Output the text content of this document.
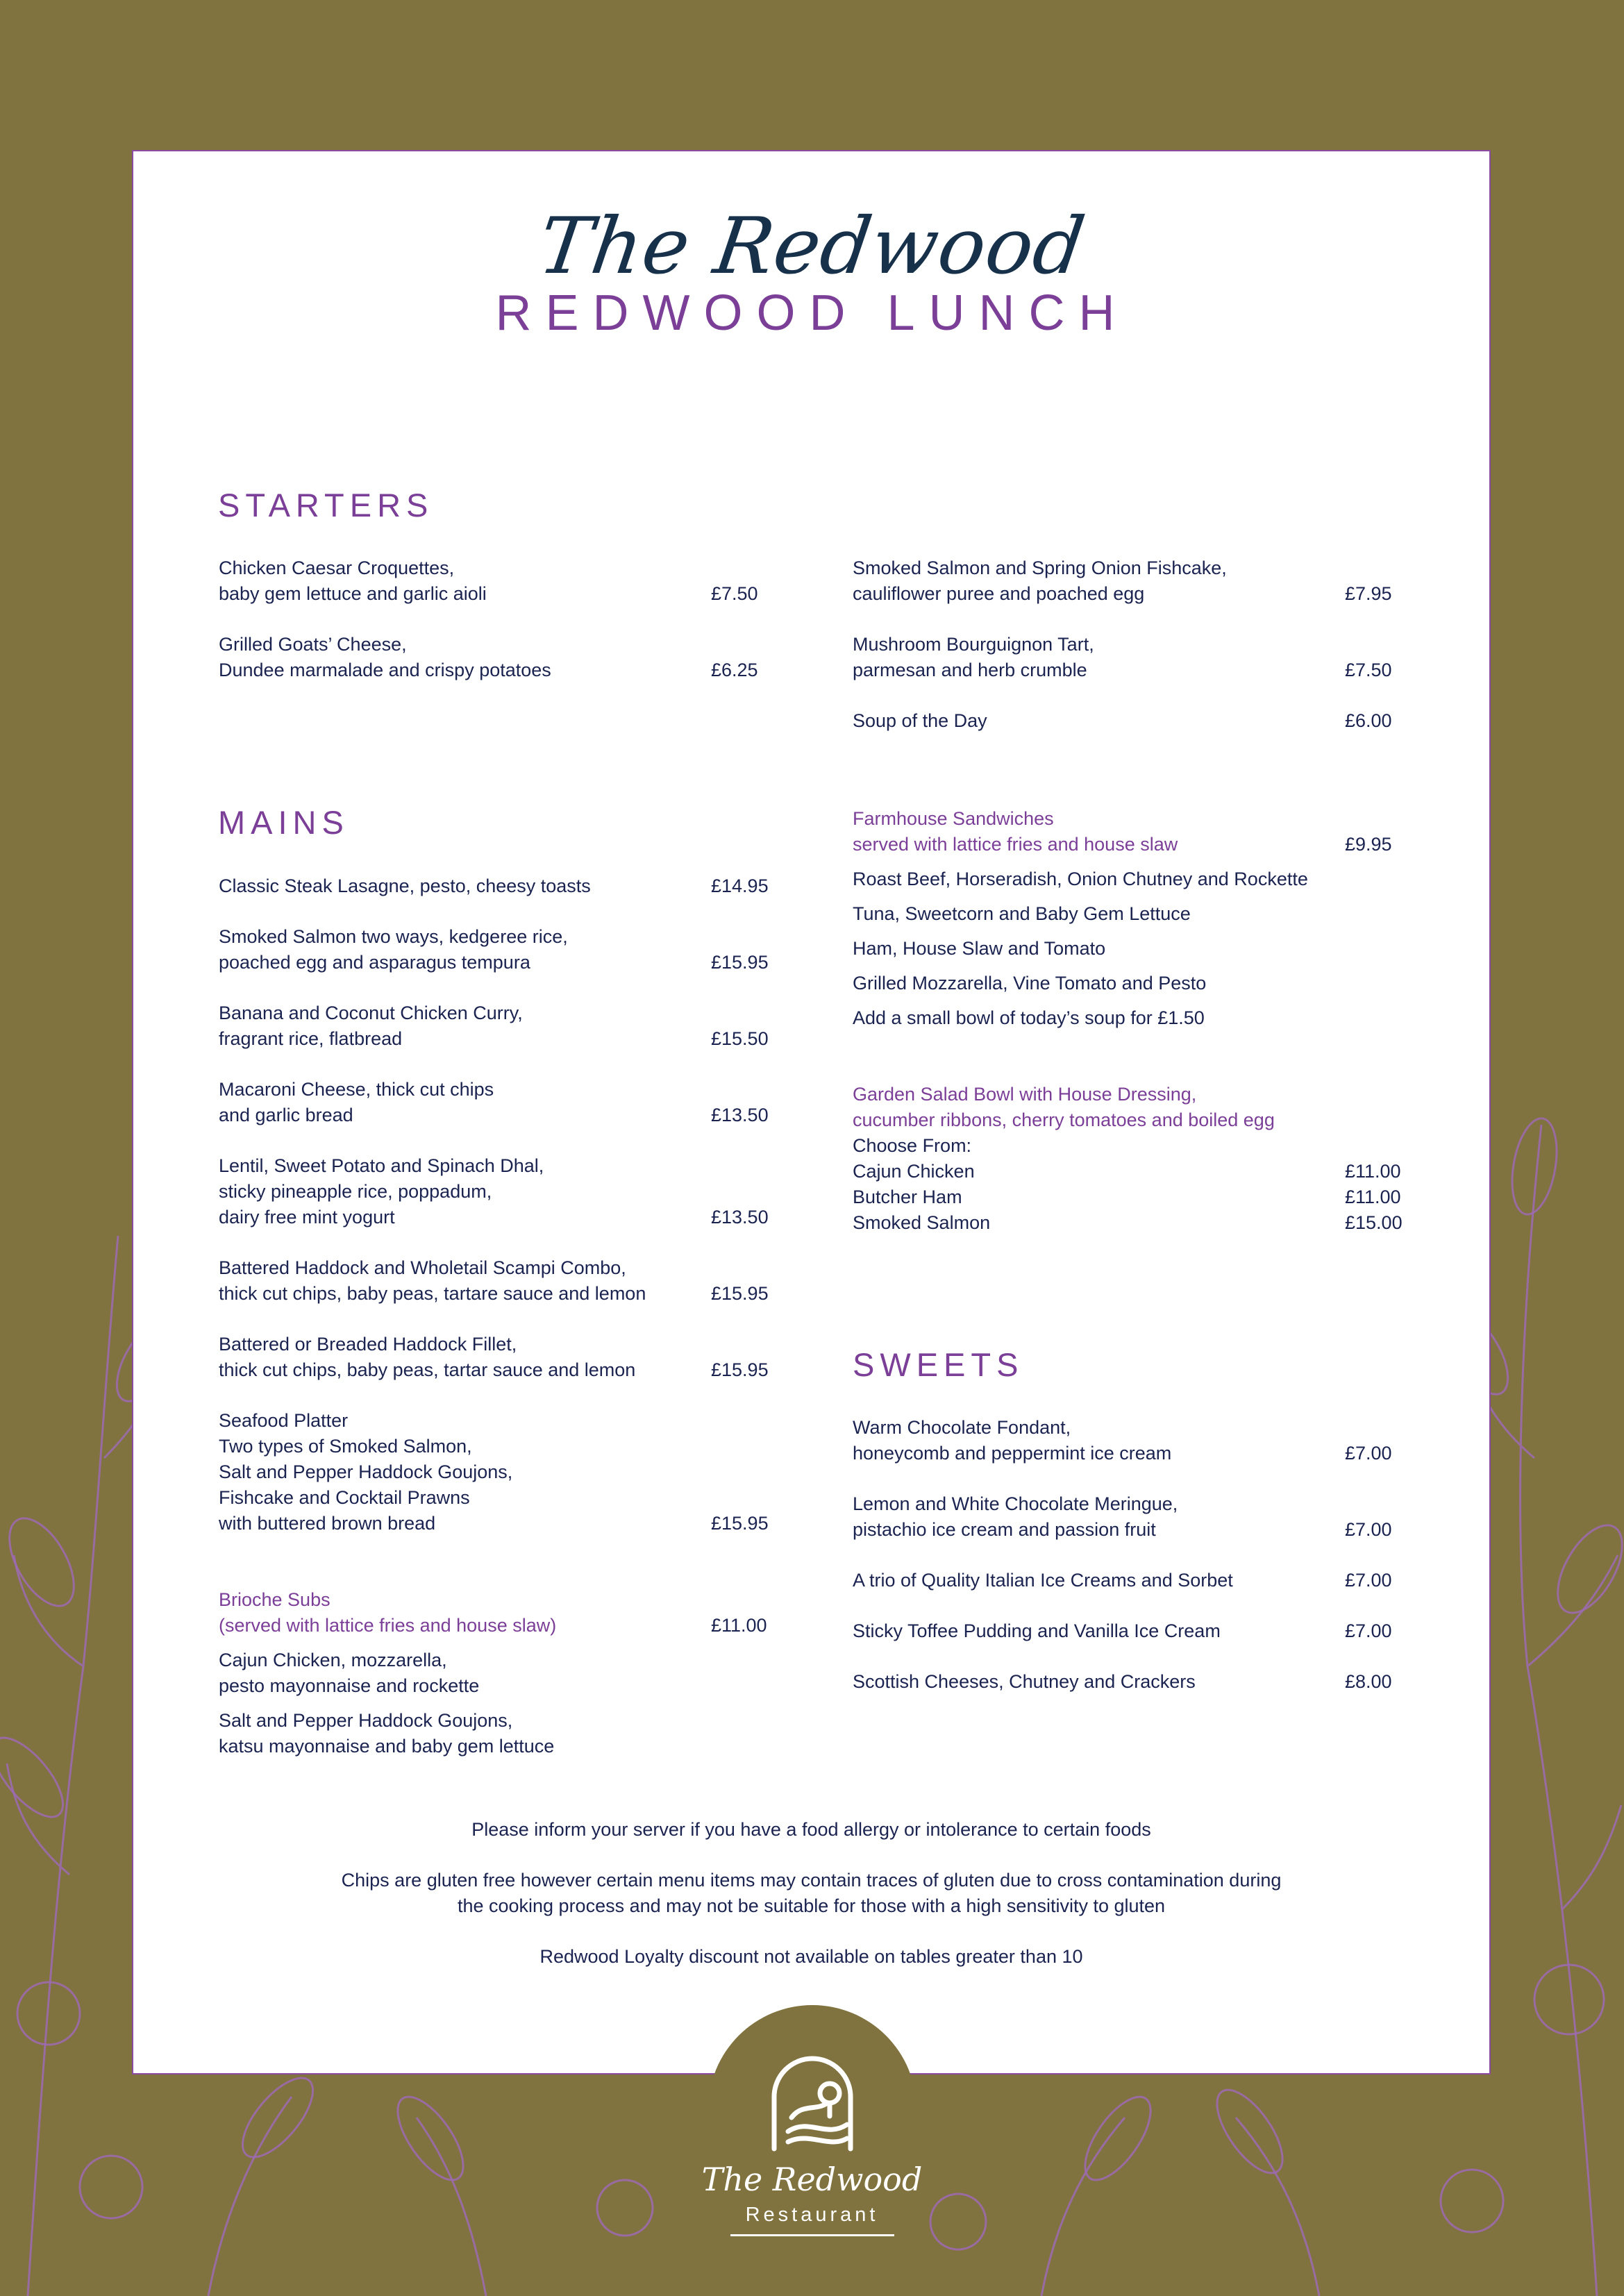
The Redwood
REDWOOD LUNCH
STARTERS
Chicken Caesar Croquettes,
baby gem lettuce and garlic aioli	£7.50
Grilled Goats’ Cheese,
Dundee marmalade and crispy potatoes	£6.25
Smoked Salmon and Spring Onion Fishcake,
cauliflower puree and poached egg	£7.95
Mushroom Bourguignon Tart,
parmesan and herb crumble	£7.50
Soup of the Day	£6.00
MAINS
Classic Steak Lasagne, pesto, cheesy toasts	£14.95
Smoked Salmon two ways, kedgeree rice,
poached egg and asparagus tempura	£15.95
Banana and Coconut Chicken Curry,
fragrant rice, flatbread	£15.50
Macaroni Cheese, thick cut chips
and garlic bread	£13.50
Lentil, Sweet Potato and Spinach Dhal,
sticky pineapple rice, poppadum,
dairy free mint yogurt	£13.50
Battered Haddock and Wholetail Scampi Combo,
thick cut chips, baby peas, tartare sauce and lemon	£15.95
Battered or Breaded Haddock Fillet,
thick cut chips, baby peas, tartar sauce and lemon	£15.95
Seafood Platter
Two types of Smoked Salmon,
Salt and Pepper Haddock Goujons,
Fishcake and Cocktail Prawns
with buttered brown bread	£15.95
Brioche Subs
(served with lattice fries and house slaw)	£11.00
Cajun Chicken, mozzarella,
pesto mayonnaise and rockette
Salt and Pepper Haddock Goujons,
katsu mayonnaise and baby gem lettuce
Farmhouse Sandwiches
served with lattice fries and house slaw	£9.95
Roast Beef, Horseradish, Onion Chutney and Rockette
Tuna, Sweetcorn and Baby Gem Lettuce
Ham, House Slaw and Tomato
Grilled Mozzarella, Vine Tomato and Pesto
Add a small bowl of today’s soup for £1.50
Garden Salad Bowl with House Dressing,
cucumber ribbons, cherry tomatoes and boiled egg
Choose From:
Cajun Chicken	£11.00
Butcher Ham	£11.00
Smoked Salmon	£15.00
SWEETS
Warm Chocolate Fondant,
honeycomb and peppermint ice cream	£7.00
Lemon and White Chocolate Meringue,
pistachio ice cream and passion fruit	£7.00
A trio of Quality Italian Ice Creams and Sorbet	£7.00
Sticky Toffee Pudding and Vanilla Ice Cream	£7.00
Scottish Cheeses, Chutney and Crackers	£8.00
Please inform your server if you have a food allergy or intolerance to certain foods
Chips are gluten free however certain menu items may contain traces of gluten due to cross contamination during
the cooking process and may not be suitable for those with a high sensitivity to gluten
Redwood Loyalty discount not available on tables greater than 10
The Redwood
Restaurant
